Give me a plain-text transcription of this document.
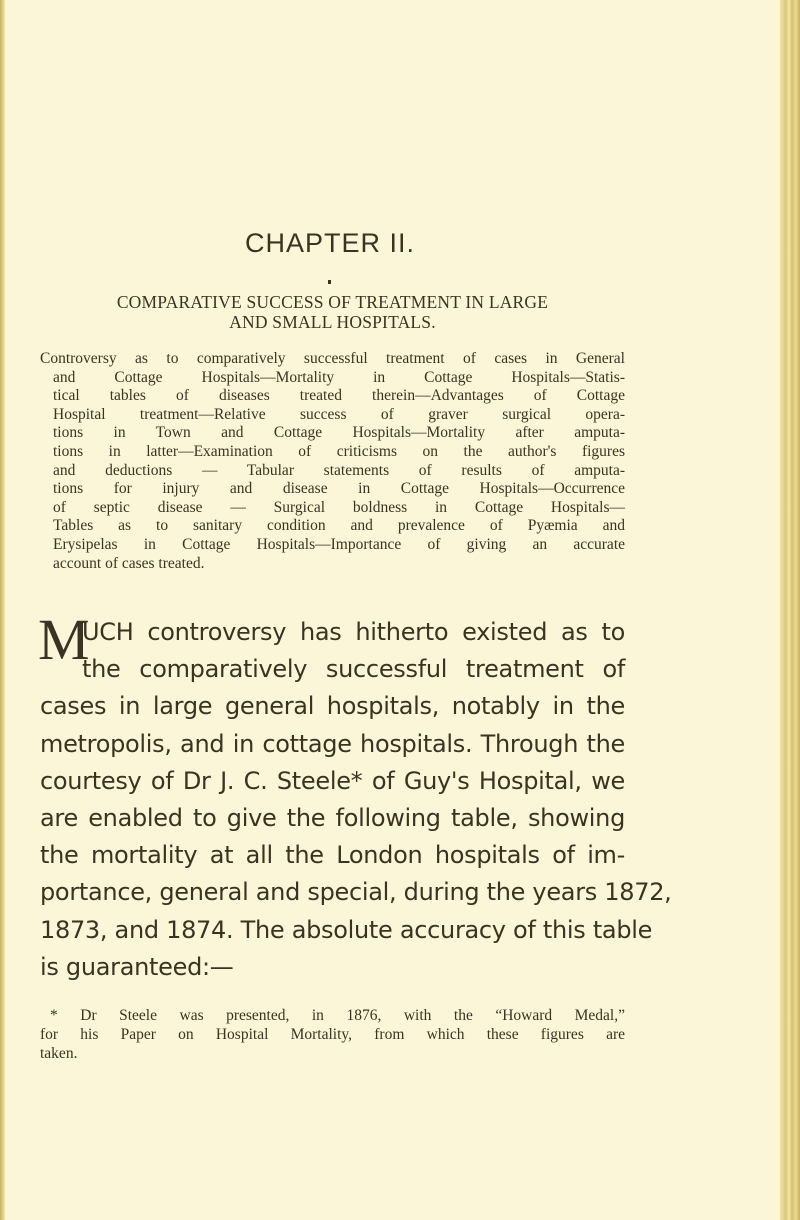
CHAPTER II.
COMPARATIVE SUCCESS OF TREATMENT IN LARGE
AND SMALL HOSPITALS.
Controversy as to comparatively successful treatment of cases in General
and Cottage Hospitals—Mortality in Cottage Hospitals—Statis-
tical tables of diseases treated therein—Advantages of Cottage
Hospital treatment—Relative success of graver surgical opera-
tions in Town and Cottage Hospitals—Mortality after amputa-
tions in latter—Examination of criticisms on the author's figures
and deductions — Tabular statements of results of amputa-
tions for injury and disease in Cottage Hospitals—Occurrence
of septic disease — Surgical boldness in Cottage Hospitals—
Tables as to sanitary condition and prevalence of Pyæmia and
Erysipelas in Cottage Hospitals—Importance of giving an accurate
account of cases treated.
M
UCH controversy has hitherto existed as to
the comparatively successful treatment of
cases in large general hospitals, notably in the
metropolis, and in cottage hospitals. Through the
courtesy of Dr J. C. Steele* of Guy's Hospital, we
are enabled to give the following table, showing
the mortality at all the London hospitals of im-
portance, general and special, during the years 1872,
1873, and 1874. The absolute accuracy of this table
is guaranteed:—
* Dr Steele was presented, in 1876, with the “Howard Medal,”
for his Paper on Hospital Mortality, from which these figures are
taken.
